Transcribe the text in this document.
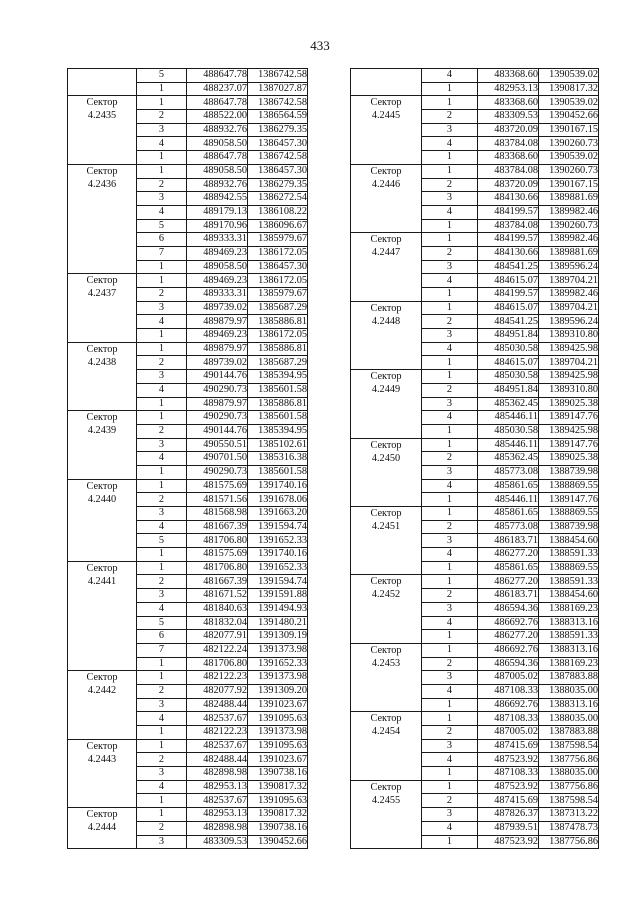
433
	5	488647.78	1386742.58
	1	488237.07	1387027.87
Сектор
4.2435	1	488647.78	1386742.58
	2	488522.00	1386564.59
	3	488932.76	1386279.35
	4	489058.50	1386457.30
	1	488647.78	1386742.58
Сектор
4.2436	1	489058.50	1386457.30
	2	488932.76	1386279.35
	3	488942.55	1386272.54
	4	489179.13	1386108.22
	5	489170.96	1386096.67
	6	489333.31	1385979.67
	7	489469.23	1386172.05
	1	489058.50	1386457.30
Сектор
4.2437	1	489469.23	1386172.05
	2	489333.31	1385979.67
	3	489739.02	1385687.29
	4	489879.97	1385886.81
	1	489469.23	1386172.05
Сектор
4.2438	1	489879.97	1385886.81
	2	489739.02	1385687.29
	3	490144.76	1385394.95
	4	490290.73	1385601.58
	1	489879.97	1385886.81
Сектор
4.2439	1	490290.73	1385601.58
	2	490144.76	1385394.95
	3	490550.51	1385102.61
	4	490701.50	1385316.38
	1	490290.73	1385601.58
Сектор
4.2440	1	481575.69	1391740.16
	2	481571.56	1391678.06
	3	481568.98	1391663.20
	4	481667.39	1391594.74
	5	481706.80	1391652.33
	1	481575.69	1391740.16
Сектор
4.2441	1	481706.80	1391652.33
	2	481667.39	1391594.74
	3	481671.52	1391591.88
	4	481840.63	1391494.93
	5	481832.04	1391480.21
	6	482077.91	1391309.19
	7	482122.24	1391373.98
	1	481706.80	1391652.33
Сектор
4.2442	1	482122.23	1391373.98
	2	482077.92	1391309.20
	3	482488.44	1391023.67
	4	482537.67	1391095.63
	1	482122.23	1391373.98
Сектор
4.2443	1	482537.67	1391095.63
	2	482488.44	1391023.67
	3	482898.98	1390738.16
	4	482953.13	1390817.32
	1	482537.67	1391095.63
Сектор
4.2444	1	482953.13	1390817.32
	2	482898.98	1390738.16
	3	483309.53	1390452.66
	4	483368.60	1390539.02
	1	482953.13	1390817.32
Сектор
4.2445	1	483368.60	1390539.02
	2	483309.53	1390452.66
	3	483720.09	1390167.15
	4	483784.08	1390260.73
	1	483368.60	1390539.02
Сектор
4.2446	1	483784.08	1390260.73
	2	483720.09	1390167.15
	3	484130.66	1389881.69
	4	484199.57	1389982.46
	1	483784.08	1390260.73
Сектор
4.2447	1	484199.57	1389982.46
	2	484130.66	1389881.69
	3	484541.25	1389596.24
	4	484615.07	1389704.21
	1	484199.57	1389982.46
Сектор
4.2448	1	484615.07	1389704.21
	2	484541.25	1389596.24
	3	484951.84	1389310.80
	4	485030.58	1389425.98
	1	484615.07	1389704.21
Сектор
4.2449	1	485030.58	1389425.98
	2	484951.84	1389310.80
	3	485362.45	1389025.38
	4	485446.11	1389147.76
	1	485030.58	1389425.98
Сектор
4.2450	1	485446.11	1389147.76
	2	485362.45	1389025.38
	3	485773.08	1388739.98
	4	485861.65	1388869.55
	1	485446.11	1389147.76
Сектор
4.2451	1	485861.65	1388869.55
	2	485773.08	1388739.98
	3	486183.71	1388454.60
	4	486277.20	1388591.33
	1	485861.65	1388869.55
Сектор
4.2452	1	486277.20	1388591.33
	2	486183.71	1388454.60
	3	486594.36	1388169.23
	4	486692.76	1388313.16
	1	486277.20	1388591.33
Сектор
4.2453	1	486692.76	1388313.16
	2	486594.36	1388169.23
	3	487005.02	1387883.88
	4	487108.33	1388035.00
	1	486692.76	1388313.16
Сектор
4.2454	1	487108.33	1388035.00
	2	487005.02	1387883.88
	3	487415.69	1387598.54
	4	487523.92	1387756.86
	1	487108.33	1388035.00
Сектор
4.2455	1	487523.92	1387756.86
	2	487415.69	1387598.54
	3	487826.37	1387313.22
	4	487939.51	1387478.73
	1	487523.92	1387756.86
